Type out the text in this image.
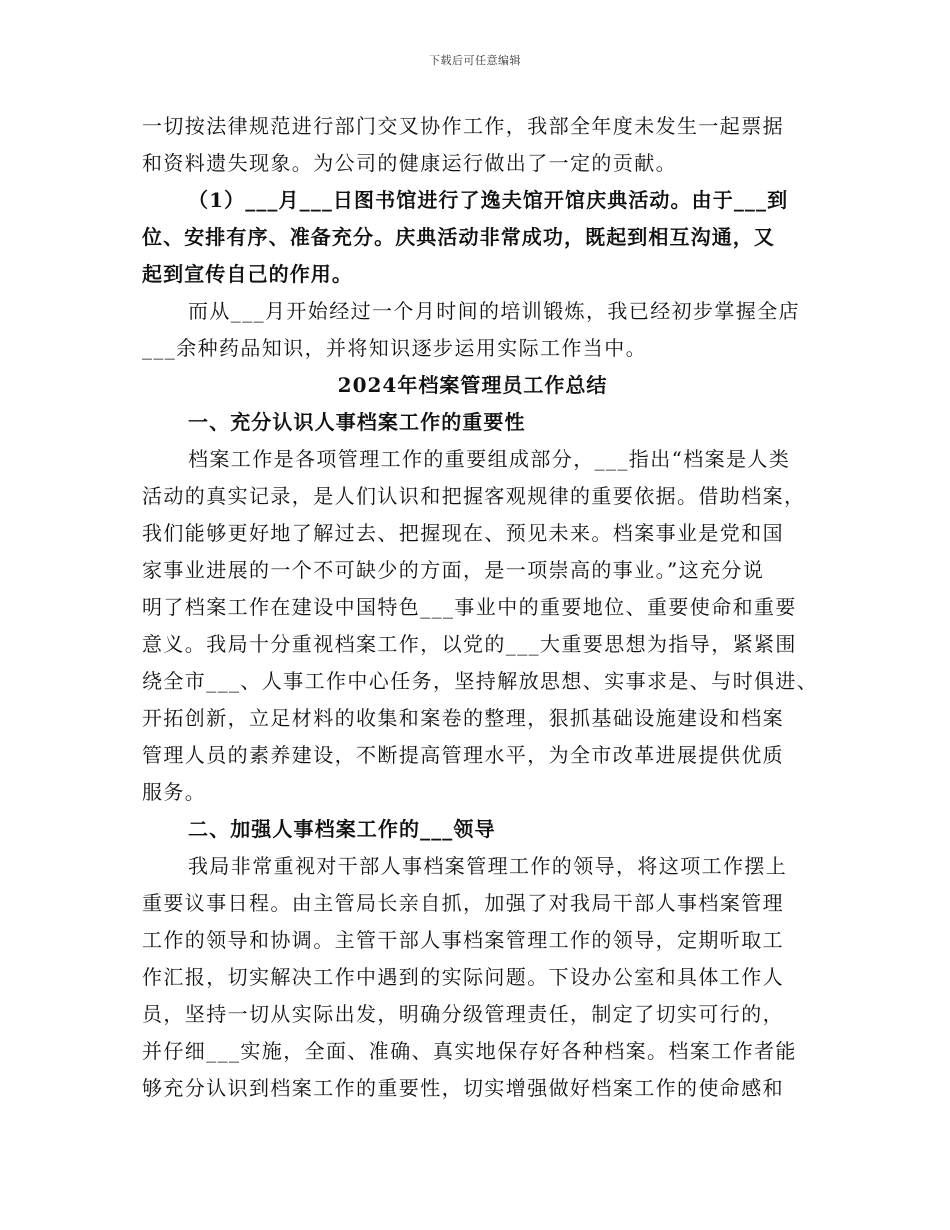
下载后可任意编辑
一切按法律规范进行部门交叉协作工作，我部全年度未发生一起票据
和资料遗失现象。为公司的健康运行做出了一定的贡献。
（1）___月___日图书馆进行了逸夫馆开馆庆典活动。由于___到
位、安排有序、准备充分。庆典活动非常成功，既起到相互沟通，又
起到宣传自己的作用。
而从___月开始经过一个月时间的培训锻炼，我已经初步掌握全店
___余种药品知识，并将知识逐步运用实际工作当中。
2024年档案管理员工作总结
一、充分认识人事档案工作的重要性
档案工作是各项管理工作的重要组成部分，___指出“档案是人类
活动的真实记录，是人们认识和把握客观规律的重要依据。借助档案，
我们能够更好地了解过去、把握现在、预见未来。档案事业是党和国
家事业进展的一个不可缺少的方面，是一项崇高的事业。”这充分说
明了档案工作在建设中国特色___事业中的重要地位、重要使命和重要
意义。我局十分重视档案工作，以党的___大重要思想为指导，紧紧围
绕全市___、人事工作中心任务，坚持解放思想、实事求是、与时俱进、
开拓创新，立足材料的收集和案卷的整理，狠抓基础设施建设和档案
管理人员的素养建设，不断提高管理水平，为全市改革进展提供优质
服务。
二、加强人事档案工作的___领导
我局非常重视对干部人事档案管理工作的领导，将这项工作摆上
重要议事日程。由主管局长亲自抓，加强了对我局干部人事档案管理
工作的领导和协调。主管干部人事档案管理工作的领导，定期听取工
作汇报，切实解决工作中遇到的实际问题。下设办公室和具体工作人
员，坚持一切从实际出发，明确分级管理责任，制定了切实可行的，
并仔细___实施，全面、准确、真实地保存好各种档案。档案工作者能
够充分认识到档案工作的重要性，切实增强做好档案工作的使命感和
